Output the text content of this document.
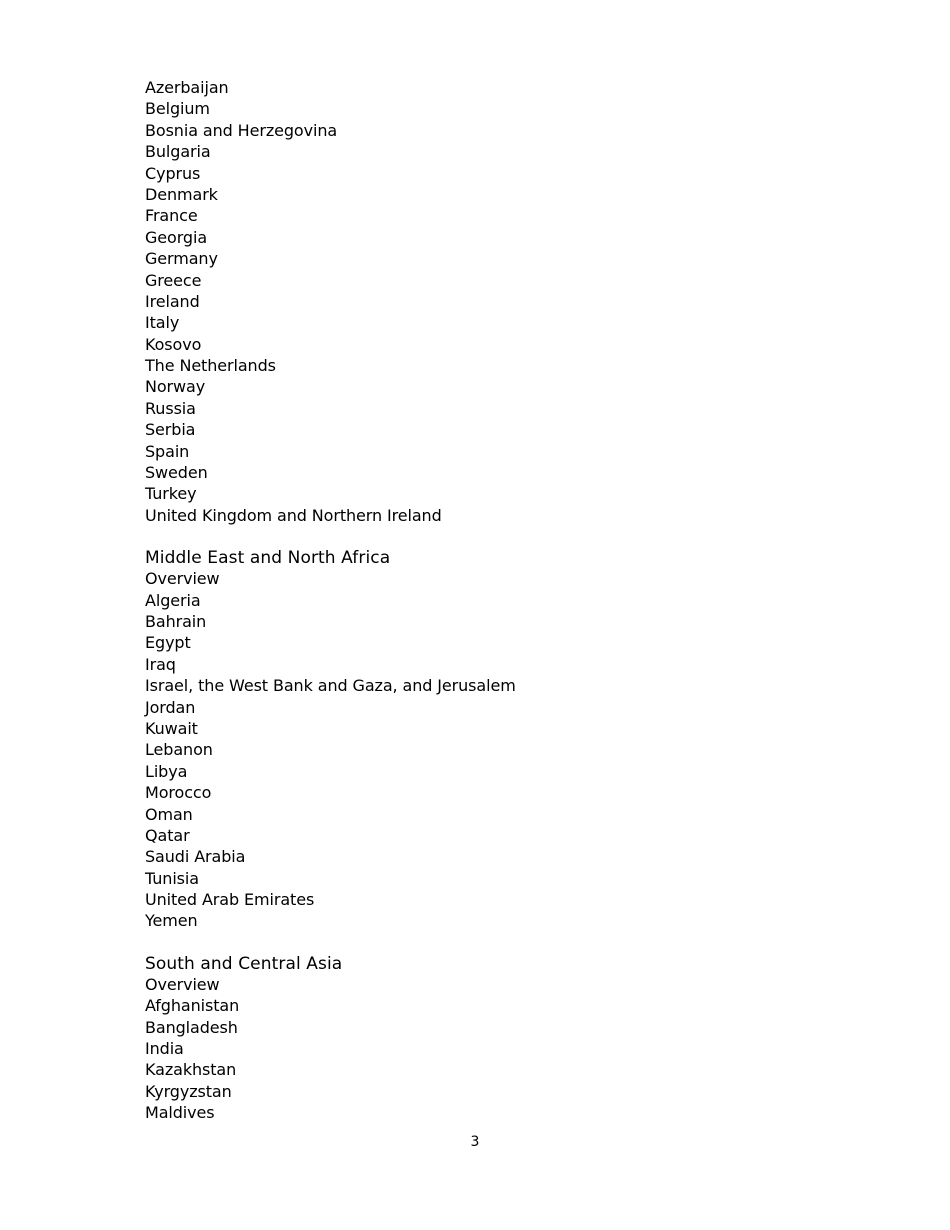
Azerbaijan
Belgium
Bosnia and Herzegovina
Bulgaria
Cyprus
Denmark
France
Georgia
Germany
Greece
Ireland
Italy
Kosovo
The Netherlands
Norway
Russia
Serbia
Spain
Sweden
Turkey
United Kingdom and Northern Ireland
Middle East and North Africa
Overview
Algeria
Bahrain
Egypt
Iraq
Israel, the West Bank and Gaza, and Jerusalem
Jordan
Kuwait
Lebanon
Libya
Morocco
Oman
Qatar
Saudi Arabia
Tunisia
United Arab Emirates
Yemen
South and Central Asia
Overview
Afghanistan
Bangladesh
India
Kazakhstan
Kyrgyzstan
Maldives
3
